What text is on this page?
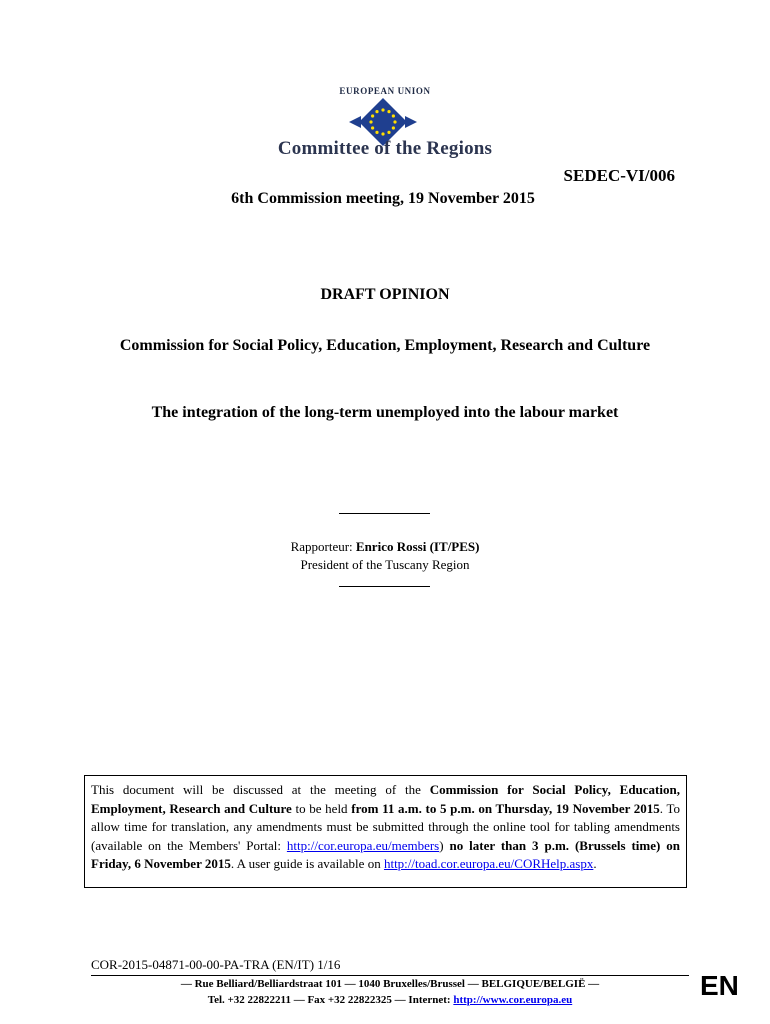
EUROPEAN UNION
Committee of the Regions
SEDEC-VI/006
6th Commission meeting, 19 November 2015
DRAFT OPINION
Commission for Social Policy, Education, Employment, Research and Culture
The integration of the long-term unemployed into the labour market
Rapporteur: Enrico Rossi (IT/PES)
President of the Tuscany Region
This document will be discussed at the meeting of the Commission for Social Policy, Education, Employment, Research and Culture to be held from 11 a.m. to 5 p.m. on Thursday, 19 November 2015. To allow time for translation, any amendments must be submitted through the online tool for tabling amendments (available on the Members' Portal: http://cor.europa.eu/members) no later than 3 p.m. (Brussels time) on Friday, 6 November 2015. A user guide is available on http://toad.cor.europa.eu/CORHelp.aspx.
COR-2015-04871-00-00-PA-TRA (EN/IT) 1/16
— Rue Belliard/Belliardstraat 101 — 1040 Bruxelles/Brussel — BELGIQUE/BELGIË —
Tel. +32 22822211 — Fax +32 22822325 — Internet: http://www.cor.europa.eu	EN
